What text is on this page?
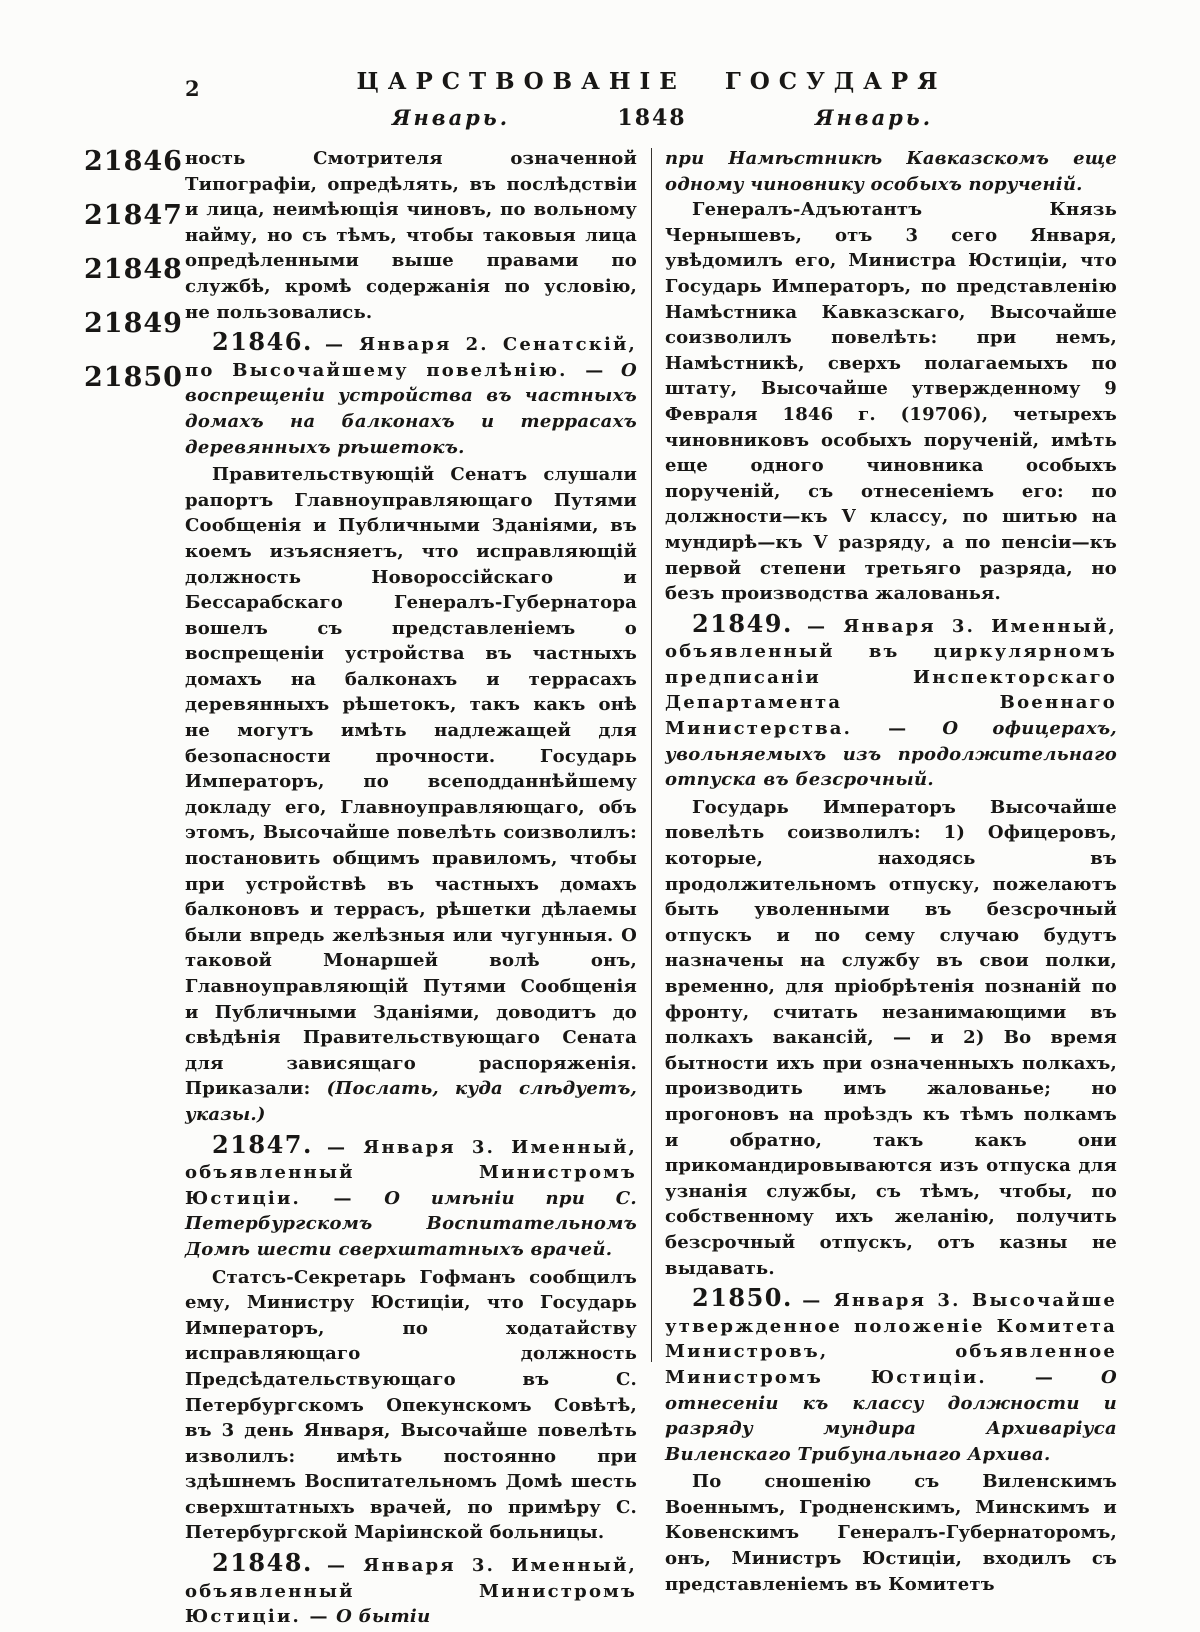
2	ЦАРСТВОВАНІЕ ГОСУДАРЯ
Январь.	1848	Январь.
21846
21847
21848
21849
21850

ность Смотрителя означенной Типографіи, опредѣлять, въ послѣдствіи и лица, неимѣющія чиновъ, по вольному найму, но съ тѣмъ, чтобы таковыя лица опредѣленными выше правами по службѣ, кромѣ содержанія по условію, не пользовались.

21846. — Января 2. Сенатскій, по Высочайшему повелѣнію. — О воспрещеніи устройства въ частныхъ домахъ на балконахъ и террасахъ деревянныхъ рѣшетокъ.

Правительствующій Сенатъ слушали рапортъ Главноуправляющаго Путями Сообщенія и Публичными Зданіями, въ коемъ изъясняетъ, что исправляющій должность Новороссійскаго и Бессарабскаго Генералъ-Губернатора вошелъ съ представленіемъ о воспрещеніи устройства въ частныхъ домахъ на балконахъ и террасахъ деревянныхъ рѣшетокъ, такъ какъ онѣ не могутъ имѣть надлежащей для безопасности прочности. Государь Императоръ, по всеподданнѣйшему докладу его, Главноуправляющаго, объ этомъ, Высочайше повелѣть соизволилъ: постановить общимъ правиломъ, чтобы при устройствѣ въ частныхъ домахъ балконовъ и террасъ, рѣшетки дѣлаемы были впредь желѣзныя или чугунныя. О таковой Монаршей волѣ онъ, Главноуправляющій Путями Сообщенія и Публичными Зданіями, доводитъ до свѣдѣнія Правительствующаго Сената для зависящаго распоряженія. Приказали: (Послать, куда слѣдуетъ, указы.)

21847. — Января 3. Именный, объявленный Министромъ Юстиціи. — О имѣніи при С. Петербургскомъ Воспитательномъ Домѣ шести сверхштатныхъ врачей.

Статсъ-Секретарь Гофманъ сообщилъ ему, Министру Юстиціи, что Государь Императоръ, по ходатайству исправляющаго должность Предсѣдательствующаго въ С. Петербургскомъ Опекунскомъ Совѣтѣ, въ 3 день Января, Высочайше повелѣть изволилъ: имѣть постоянно при здѣшнемъ Воспитательномъ Домѣ шесть сверхштатныхъ врачей, по примѣру С. Петербургской Маріинской больницы.

21848. — Января 3. Именный, объявленный Министромъ Юстиціи. — О бытіи

при Намѣстникѣ Кавказскомъ еще одному чиновнику особыхъ порученій.

Генералъ-Адъютантъ Князь Чернышевъ, отъ 3 сего Января, увѣдомилъ его, Министра Юстиціи, что Государь Императоръ, по представленію Намѣстника Кавказскаго, Высочайше соизволилъ повелѣть: при немъ, Намѣстникѣ, сверхъ полагаемыхъ по штату, Высочайше утвержденному 9 Февраля 1846 г. (19706), четырехъ чиновниковъ особыхъ порученій, имѣть еще одного чиновника особыхъ порученій, съ отнесеніемъ его: по должности—къ V классу, по шитью на мундирѣ—къ V разряду, а по пенсіи—къ первой степени третьяго разряда, но безъ производства жалованья.

21849. — Января 3. Именный, объявленный въ циркулярномъ предписаніи Инспекторскаго Департамента Военнаго Министерства. — О офицерахъ, увольняемыхъ изъ продолжительнаго отпуска въ безсрочный.

Государь Императоръ Высочайше повелѣть соизволилъ: 1) Офицеровъ, которые, находясь въ продолжительномъ отпуску, пожелаютъ быть уволенными въ безсрочный отпускъ и по сему случаю будутъ назначены на службу въ свои полки, временно, для пріобрѣтенія познаній по фронту, считать незанимающими въ полкахъ вакансій, — и 2) Во время бытности ихъ при означенныхъ полкахъ, производить имъ жалованье; но прогоновъ на проѣздъ къ тѣмъ полкамъ и обратно, такъ какъ они прикомандировываются изъ отпуска для узнанія службы, съ тѣмъ, чтобы, по собственному ихъ желанію, получить безсрочный отпускъ, отъ казны не выдавать.

21850. — Января 3. Высочайше утвержденное положеніе Комитета Министровъ, объявленное Министромъ Юстиціи. —	О отнесеніи къ классу должности и разряду мундира Архиваріуса Виленскаго Трибунальнаго Архива.

По сношенію съ Виленскимъ Военнымъ, Гродненскимъ, Минскимъ и Ковенскимъ Генералъ-Губернаторомъ, онъ, Министръ Юстиціи, входилъ съ представленіемъ въ Комитетъ
